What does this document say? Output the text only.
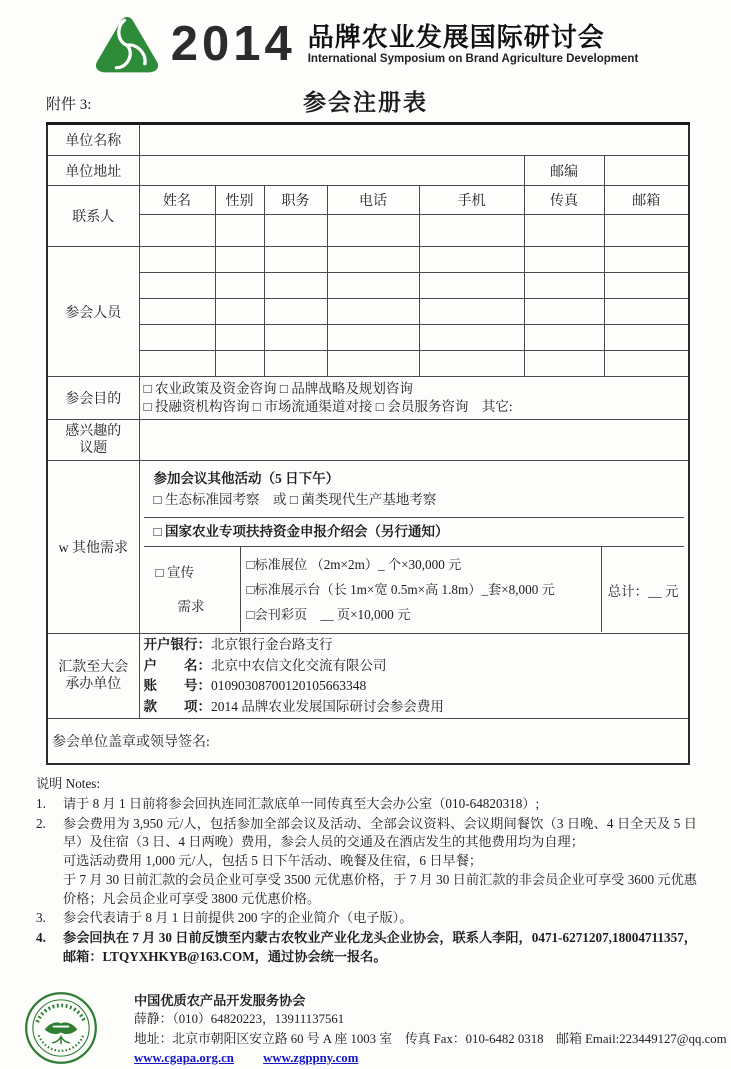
2014 品牌农业发展国际研讨会
International Symposium on Brand Agriculture Development
附件 3:	参会注册表
单位名称							
单位地址						邮编	
联系人	姓名	性别	职务	电话	手机	传真	邮箱

参会人员							

参会目的	□ 农业政策及资金咨询 □ 品牌战略及规划咨询
□ 投融资机构咨询 □ 市场流通渠道对接 □ 会员服务咨询　其它:						

感兴趣的
议题							

w 其他需求	
参加会议其他活动（5 日下午）
□ 生态标准园考察　或 □ 菌类现代生产基地考察
□ 国家农业专项扶持资金申报介绍会（另行通知）
□ 宣传
需求
□标准展位 （2m×2m）_ 个×30,000 元
□标准展示台（长 1m×宽 0.5m×高 1.8m）_套×8,000 元
□会刊彩页　__ 页×10,000 元
总计：__ 元

汇款至大会
承办单位

开户银行：北京银行金台路支行
户　　名：北京中农信文化交流有限公司
账　　号：01090308700120105663348
款　　项：2014 品牌农业发展国际研讨会参会费用

参会单位盖章或领导签名:							
说明 Notes:
1.	请于 8 月 1 日前将参会回执连同汇款底单一同传真至大会办公室（010-64820318）;
2.	参会费用为 3,950 元/人，包括参加全部会议及活动、全部会议资料、会议期间餐饮（3 日晚、4 日全天及 5 日早）及住宿（3 日、4 日两晚）费用，参会人员的交通及在酒店发生的其他费用均为自理；
可选活动费用 1,000 元/人，包括 5 日下午活动、晚餐及住宿，6 日早餐；
于 7 月 30 日前汇款的会员企业可享受 3500 元优惠价格，于 7 月 30 日前汇款的非会员企业可享受 3600 元优惠价格；凡会员企业可享受 3800 元优惠价格。
3.	参会代表请于 8 月 1 日前提供 200 字的企业简介（电子版）。
4.	参会回执在 7 月 30 日前反馈至内蒙古农牧业产业化龙头企业协会，联系人李阳，0471-6271207,18004711357，邮箱：LTQYXHKYB@163.COM，通过协会统一报名。
中国优质农产品开发服务协会
薛静：（010）64820223，13911137561
地址：北京市朝阳区安立路 60 号 A 座 1003 室　传真 Fax：010-6482 0318　邮箱 Email:223449127@qq.com
www.cgapa.org.cn www.zgppny.com
